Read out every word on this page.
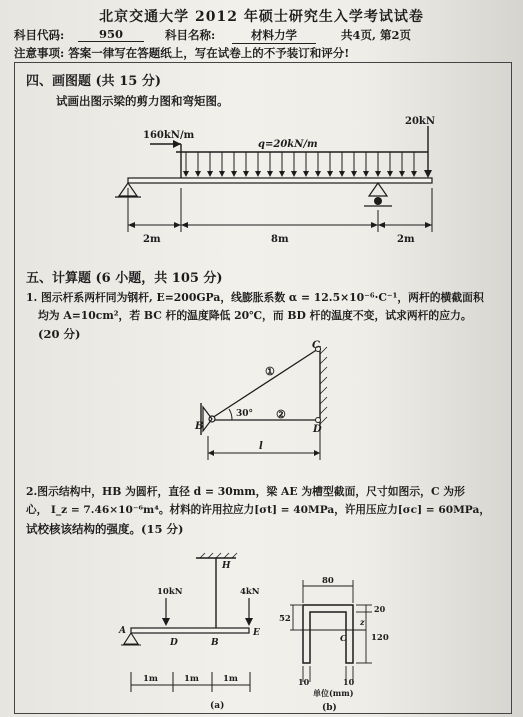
北京交通大学 2012 年硕士研究生入学考试试卷
科目代码:	950	科目名称:	材料力学	共4页, 第2页
注意事项: 答案一律写在答题纸上，写在试卷上的不予装订和评分!
四、画图题 (共 15 分)
试画出图示梁的剪力图和弯矩图。
160kN/m
q=20kN/m
20kN
2m	8m	2m
五、计算题 (6 小题，共 105 分)
1. 图示杆系两杆同为钢杆, E=200GPa，线膨胀系数 α = 12.5×10⁻⁶·C⁻¹，两杆的横截面积
均为 A=10cm²，若 BC 杆的温度降低 20℃，而 BD 杆的温度不变，试求两杆的应力。
(20 分)
C
B	D
①
②
30°
l
2.图示结构中，HB 为圆杆，直径 d = 30mm，梁 AE 为槽型截面，尺寸如图示，C 为形
心， I_z = 7.46×10⁻⁶m⁴。材料的许用拉应力[σt] = 40MPa，许用压应力[σc] = 60MPa，
试校核该结构的强度。(15 分)
H
10kN	4kN
A
D	B
E
1m	1m	1m
(a)
C
z
80
52
20
120
10	10
单位(mm)
(b)
